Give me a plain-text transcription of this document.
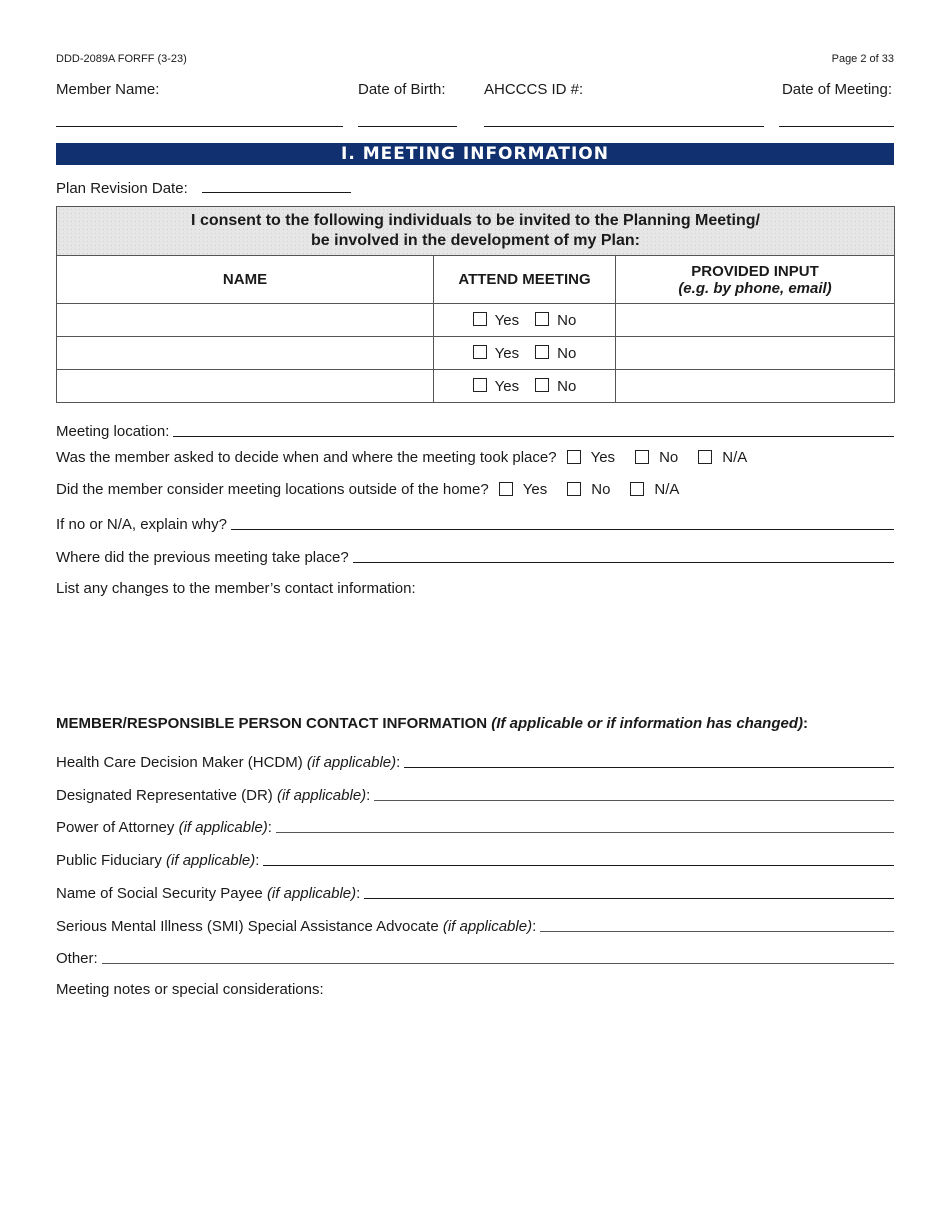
DDD-2089A FORFF (3-23)	Page 2 of 33
Member Name:	Date of Birth:	AHCCCS ID #:	Date of Meeting:
I. MEETING INFORMATION
Plan Revision Date:
I consent to the following individuals to be invited to the Planning Meeting/
be involved in the development of my Plan:		
NAME	ATTEND MEETING	PROVIDED INPUT
(e.g. by phone, email)

	Yes No	

	Yes No	

	Yes No	

Meeting location:
Was the member asked to decide when and where the meeting took place? Yes	No	N/A
Did the member consider meeting locations outside of the home? Yes	No	N/A
If no or N/A, explain why?
Where did the previous meeting take place?
List any changes to the member’s contact information:
MEMBER/RESPONSIBLE PERSON CONTACT INFORMATION (If applicable or if information has changed):
Health Care Decision Maker (HCDM) (if applicable):
Designated Representative (DR) (if applicable):
Power of Attorney (if applicable):
Public Fiduciary (if applicable):
Name of Social Security Payee (if applicable):
Serious Mental Illness (SMI) Special Assistance Advocate (if applicable):
Other:
Meeting notes or special considerations:
